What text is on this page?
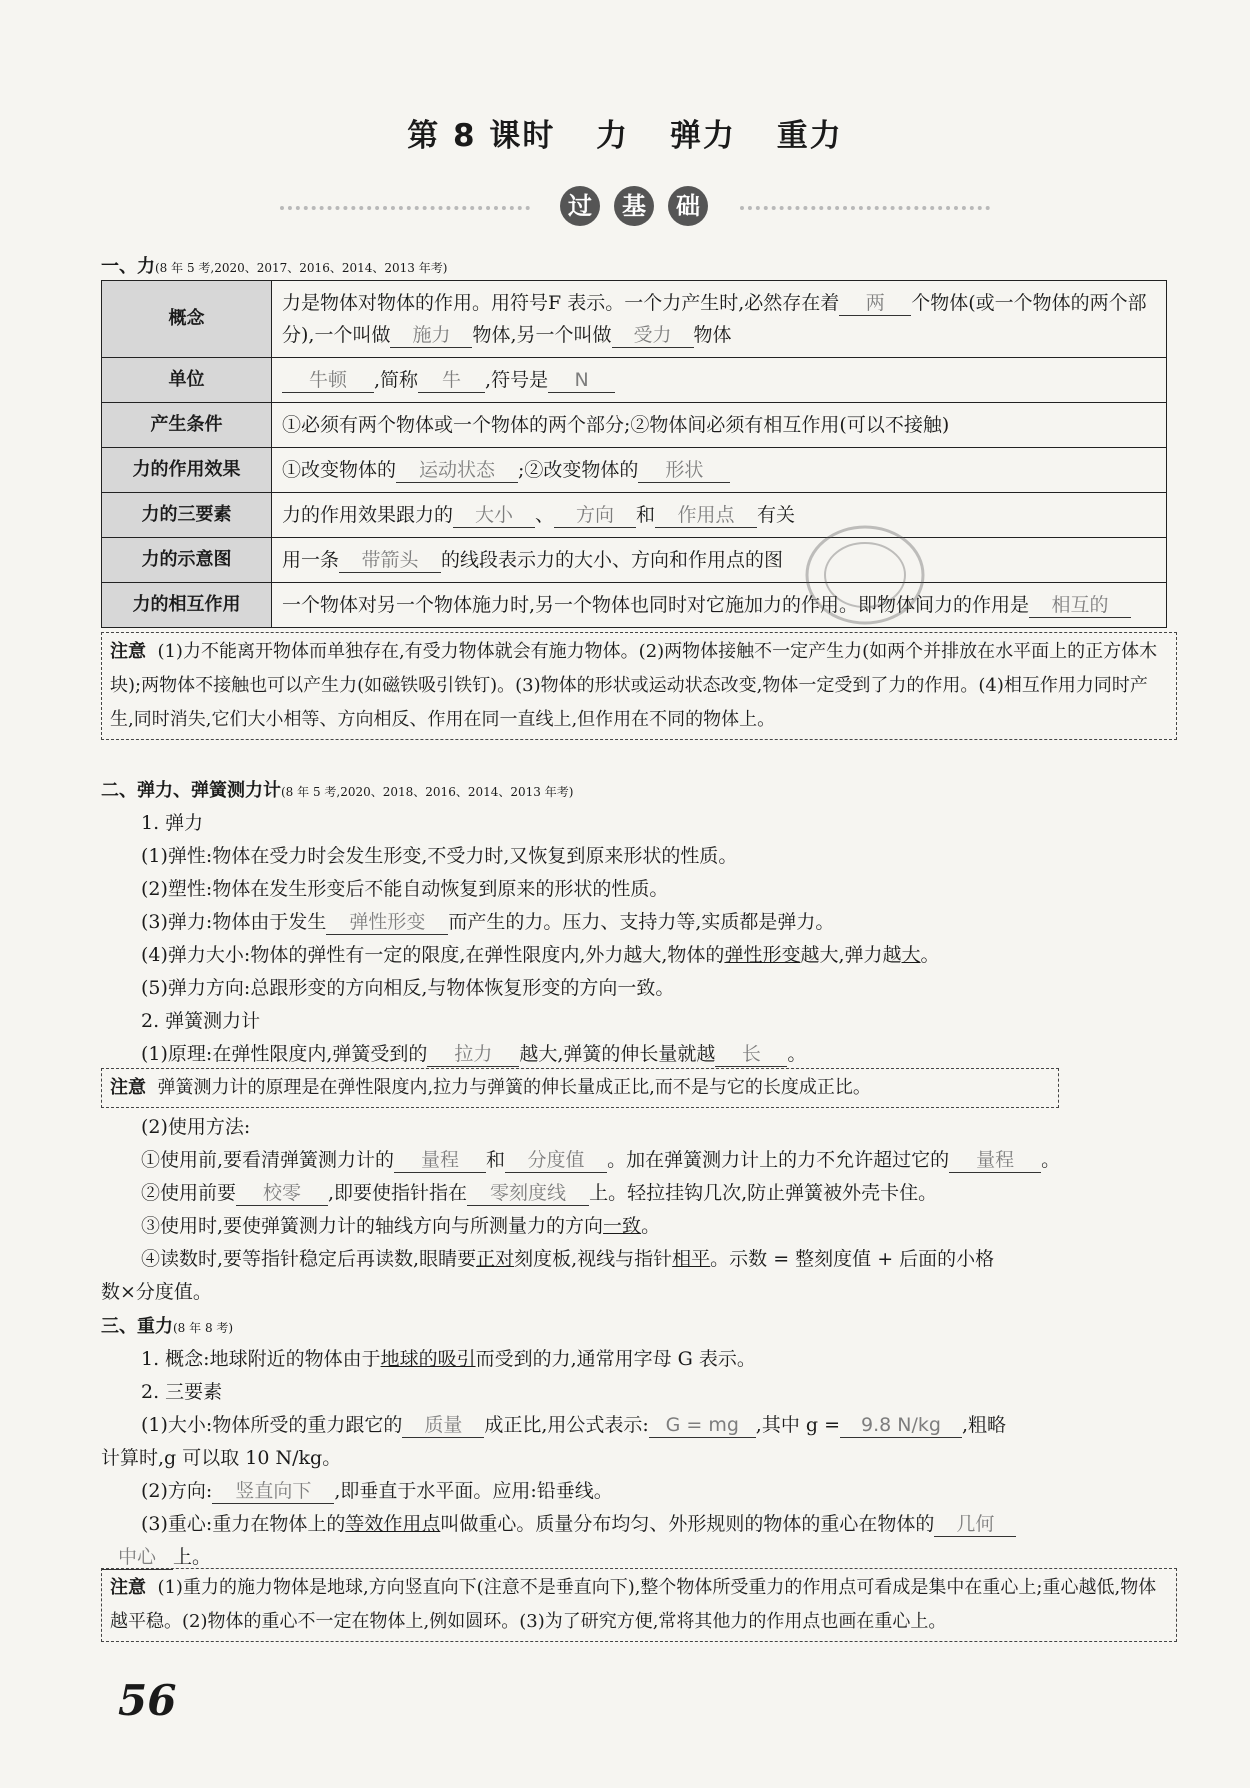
第 8 课时 力 弹力 重力
过	基	础
一、力(8 年 5 考,2020、2017、2016、2014、2013 年考)
概念	力是物体对物体的作用。用符号F 表示。一个力产生时,必然存在着 两 个物体(或一个物体的两个部分),一个叫做 施力 物体,另一个叫做 受力 物体
单位	牛顿 ,简称 牛 ,符号是 N
产生条件	①必须有两个物体或一个物体的两个部分;②物体间必须有相互作用(可以不接触)
力的作用效果	①改变物体的 运动状态 ;②改变物体的 形状
力的三要素	力的作用效果跟力的 大小 、 方向 和 作用点 有关
力的示意图	用一条 带箭头 的线段表示力的大小、方向和作用点的图
力的相互作用	一个物体对另一个物体施力时,另一个物体也同时对它施加力的作用。即物体间力的作用是 相互的
注意 (1)力不能离开物体而单独存在,有受力物体就会有施力物体。(2)两物体接触不一定产生力(如两个并排放在水平面上的正方体木块);两物体不接触也可以产生力(如磁铁吸引铁钉)。(3)物体的形状或运动状态改变,物体一定受到了力的作用。(4)相互作用力同时产生,同时消失,它们大小相等、方向相反、作用在同一直线上,但作用在不同的物体上。
二、弹力、弹簧测力计(8 年 5 考,2020、2018、2016、2014、2013 年考)
1. 弹力
(1)弹性:物体在受力时会发生形变,不受力时,又恢复到原来形状的性质。
(2)塑性:物体在发生形变后不能自动恢复到原来的形状的性质。
(3)弹力:物体由于发生 弹性形变 而产生的力。压力、支持力等,实质都是弹力。
(4)弹力大小:物体的弹性有一定的限度,在弹性限度内,外力越大,物体的弹性形变越大,弹力越大。
(5)弹力方向:总跟形变的方向相反,与物体恢复形变的方向一致。
2. 弹簧测力计
(1)原理:在弹性限度内,弹簧受到的 拉力 越大,弹簧的伸长量就越 长 。
注意 弹簧测力计的原理是在弹性限度内,拉力与弹簧的伸长量成正比,而不是与它的长度成正比。
(2)使用方法:
①使用前,要看清弹簧测力计的 量程 和 分度值 。加在弹簧测力计上的力不允许超过它的 量程 。
②使用前要 校零 ,即要使指针指在 零刻度线 上。轻拉挂钩几次,防止弹簧被外壳卡住。
③使用时,要使弹簧测力计的轴线方向与所测量力的方向一致。
④读数时,要等指针稳定后再读数,眼睛要正对刻度板,视线与指针相平。示数 = 整刻度值 + 后面的小格
数×分度值。
三、重力(8 年 8 考)
1. 概念:地球附近的物体由于地球的吸引而受到的力,通常用字母 G 表示。
2. 三要素
(1)大小:物体所受的重力跟它的 质量 成正比,用公式表示: G = mg ,其中 g = 9.8 N/kg ,粗略
计算时,g 可以取 10 N/kg。
(2)方向: 竖直向下 ,即垂直于水平面。应用:铅垂线。
(3)重心:重力在物体上的等效作用点叫做重心。质量分布均匀、外形规则的物体的重心在物体的 几何
中心 上。
注意 (1)重力的施力物体是地球,方向竖直向下(注意不是垂直向下),整个物体所受重力的作用点可看成是集中在重心上;重心越低,物体越平稳。(2)物体的重心不一定在物体上,例如圆环。(3)为了研究方便,常将其他力的作用点也画在重心上。
56
